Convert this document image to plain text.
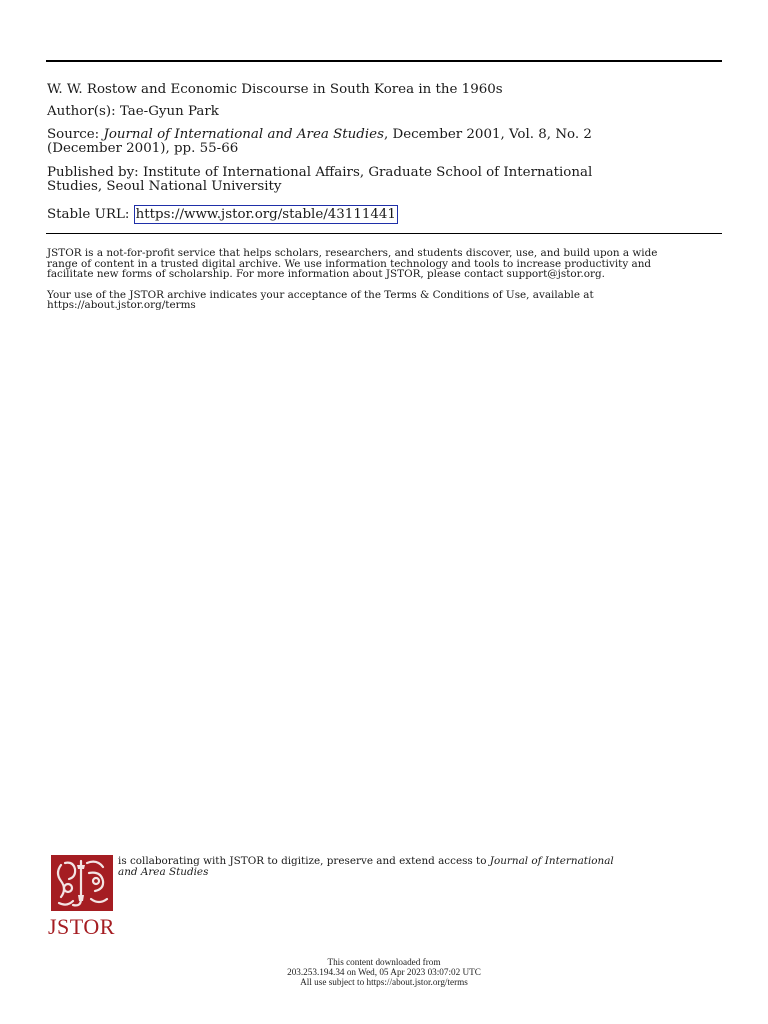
W. W. Rostow and Economic Discourse in South Korea in the 1960s
Author(s): Tae-Gyun Park
Source: Journal of International and Area Studies, December 2001, Vol. 8, No. 2
(December 2001), pp. 55-66
Published by: Institute of International Affairs, Graduate School of International
Studies, Seoul National University
Stable URL: https://www.jstor.org/stable/43111441
JSTOR is a not-for-profit service that helps scholars, researchers, and students discover, use, and build upon a wide
range of content in a trusted digital archive. We use information technology and tools to increase productivity and
facilitate new forms of scholarship. For more information about JSTOR, please contact support@jstor.org.
Your use of the JSTOR archive indicates your acceptance of the Terms & Conditions of Use, available at
https://about.jstor.org/terms
JSTOR
is collaborating with JSTOR to digitize, preserve and extend access to Journal of International
and Area Studies
This content downloaded from
203.253.194.34 on Wed, 05 Apr 2023 03:07:02 UTC
All use subject to https://about.jstor.org/terms
